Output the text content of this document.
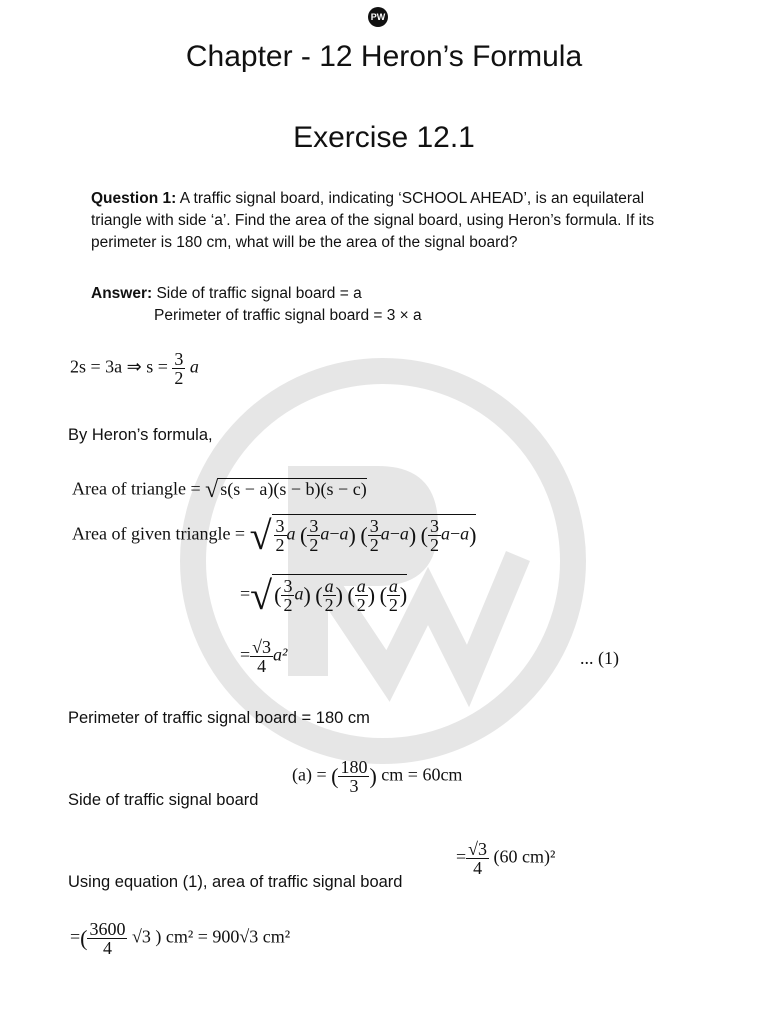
PW
Chapter - 12 Heron’s Formula
Exercise 12.1
Question 1: A traffic signal board, indicating ‘SCHOOL AHEAD’, is an equilateral triangle with side ‘a’. Find the area of the signal board, using Heron’s formula. If its perimeter is 180 cm, what will be the area of the signal board?
Answer: Side of traffic signal board = a
Perimeter of traffic signal board = 3 × a
2s = 3a ⇒ $s = \frac{3}{2}$ a
By Heron’s formula,
Area of triangle = √ s(s − a)(s − b)(s − c)
Area of given triangle = √ $\frac{3}{2}$ a ( $\frac{3}{2} a-a$) ( $\frac{3}{2} a-a$) ( $\frac{3}{2} a-a$)
=√( $\frac{3}{2} a$) ( $\frac{a}{2}$ ) ( $\frac{a}{2}$ ) ( $\frac{a}{2}$ )
= $\frac{√3}{4} a^2$	... (1)
Perimeter of traffic signal board = 180 cm
(a) = ( $\frac{180}{3}$ ) cm = 60cm
Side of traffic signal board
= $\frac{√3}{4} (60$ cm)²
Using equation (1), area of traffic signal board
=( $\frac{3600}{4} √3$ ) cm² = 900√3 cm²
